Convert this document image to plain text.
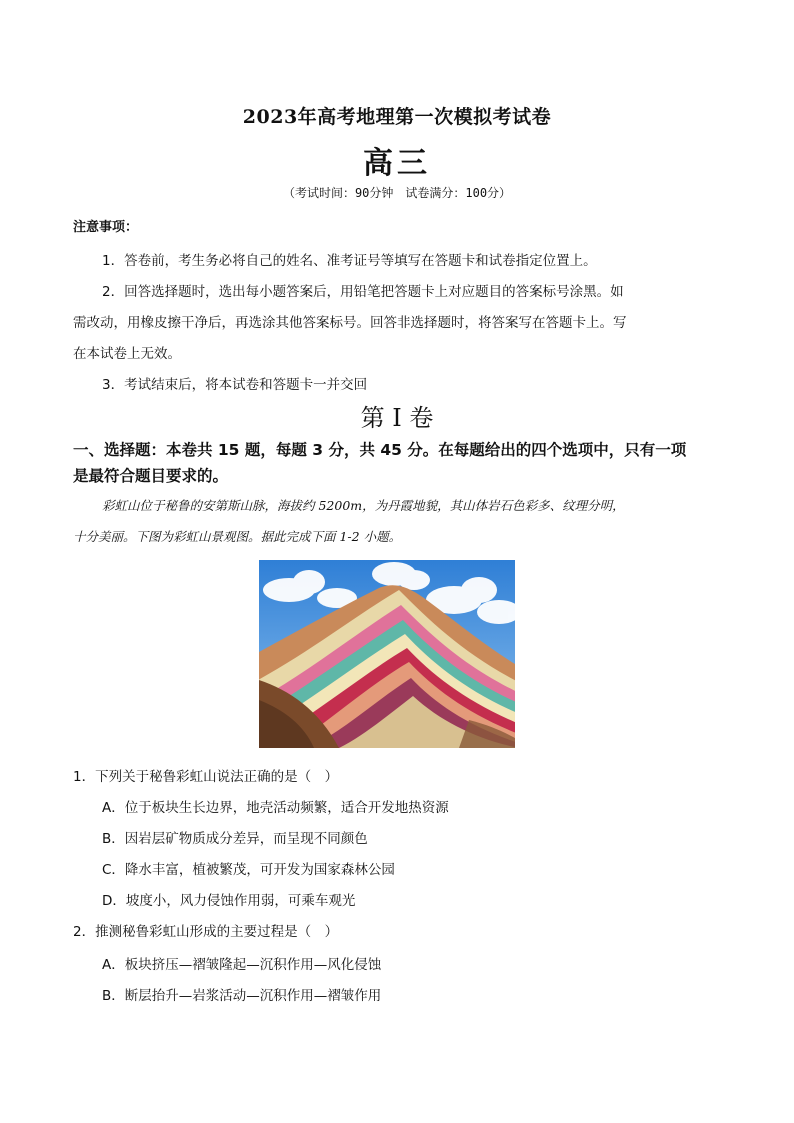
2023年高考地理第一次模拟考试卷
高三
（考试时间：90分钟　试卷满分：100分）
注意事项：
1．答卷前，考生务必将自己的姓名、准考证号等填写在答题卡和试卷指定位置上。
2．回答选择题时，选出每小题答案后，用铅笔把答题卡上对应题目的答案标号涂黑。如
需改动，用橡皮擦干净后，再选涂其他答案标号。回答非选择题时，将答案写在答题卡上。写
在本试卷上无效。
3．考试结束后，将本试卷和答题卡一并交回
第 I 卷
一、选择题：本卷共 15 题，每题 3 分，共 45 分。在每题给出的四个选项中，只有一项
是最符合题目要求的。
彩虹山位于秘鲁的安第斯山脉，海拔约 5200m，为丹霞地貌，其山体岩石色彩多、纹理分明，
十分美丽。下图为彩虹山景观图。据此完成下面 1-2 小题。
1．下列关于秘鲁彩虹山说法正确的是（　）
A．位于板块生长边界，地壳活动频繁，适合开发地热资源
B．因岩层矿物质成分差异，而呈现不同颜色
C．降水丰富，植被繁茂，可开发为国家森林公园
D．坡度小，风力侵蚀作用弱，可乘车观光
2．推测秘鲁彩虹山形成的主要过程是（　）
A．板块挤压—褶皱隆起—沉积作用—风化侵蚀
B．断层抬升—岩浆活动—沉积作用—褶皱作用
